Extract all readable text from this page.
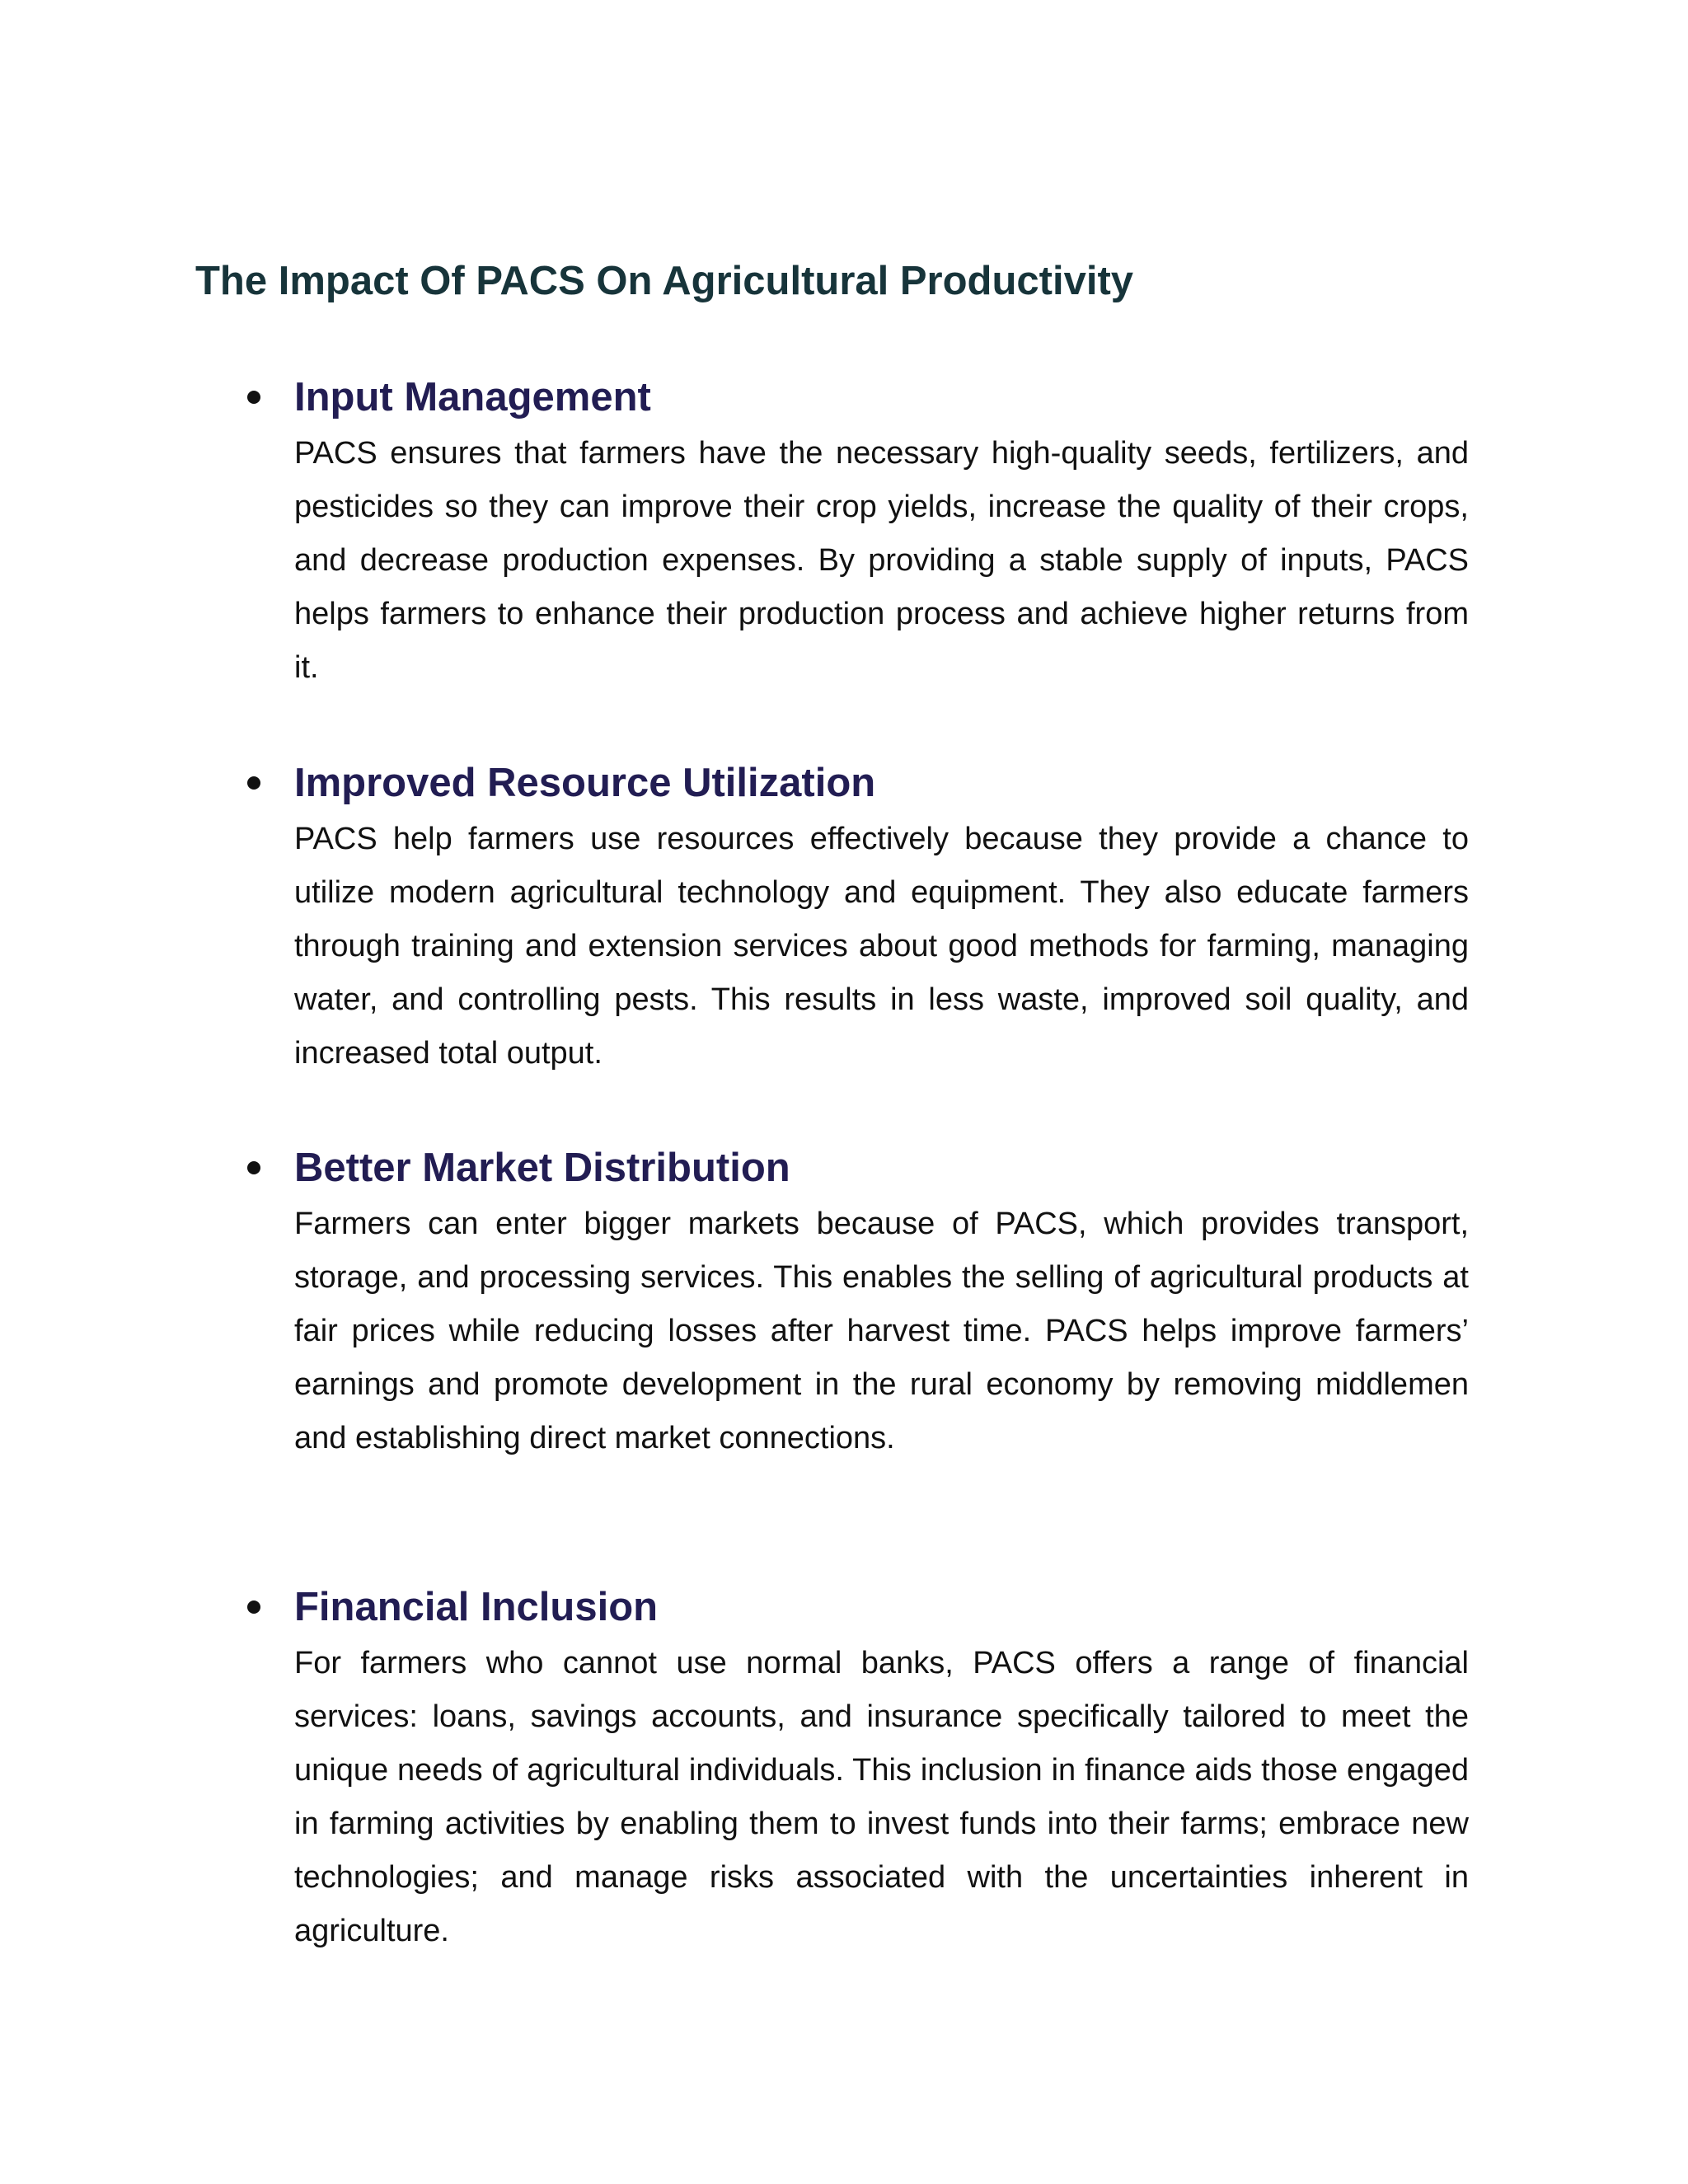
The Impact Of PACS On Agricultural Productivity
Input Management

PACS ensures that farmers have the necessary high-quality seeds, fertilizers, and pesticides so they can improve their crop yields, increase the quality of their crops, and decrease production expenses. By providing a stable supply of inputs, PACS helps farmers to enhance their production process and achieve higher returns from it.

Improved Resource Utilization

PACS help farmers use resources effectively because they provide a chance to utilize modern agricultural technology and equipment. They also educate farmers through training and extension services about good methods for farming, managing water, and controlling pests. This results in less waste, improved soil quality, and increased total output.

Better Market Distribution

Farmers can enter bigger markets because of PACS, which provides transport, storage, and processing services. This enables the selling of agricultural products at fair prices while reducing losses after harvest time. PACS helps improve farmers’ earnings and promote development in the rural economy by removing middlemen and establishing direct market connections.

Financial Inclusion

For farmers who cannot use normal banks, PACS offers a range of financial services: loans, savings accounts, and insurance specifically tailored to meet the unique needs of agricultural individuals. This inclusion in finance aids those engaged in farming activities by enabling them to invest funds into their farms; embrace new technologies; and manage risks associated with the uncertainties inherent in agriculture.
